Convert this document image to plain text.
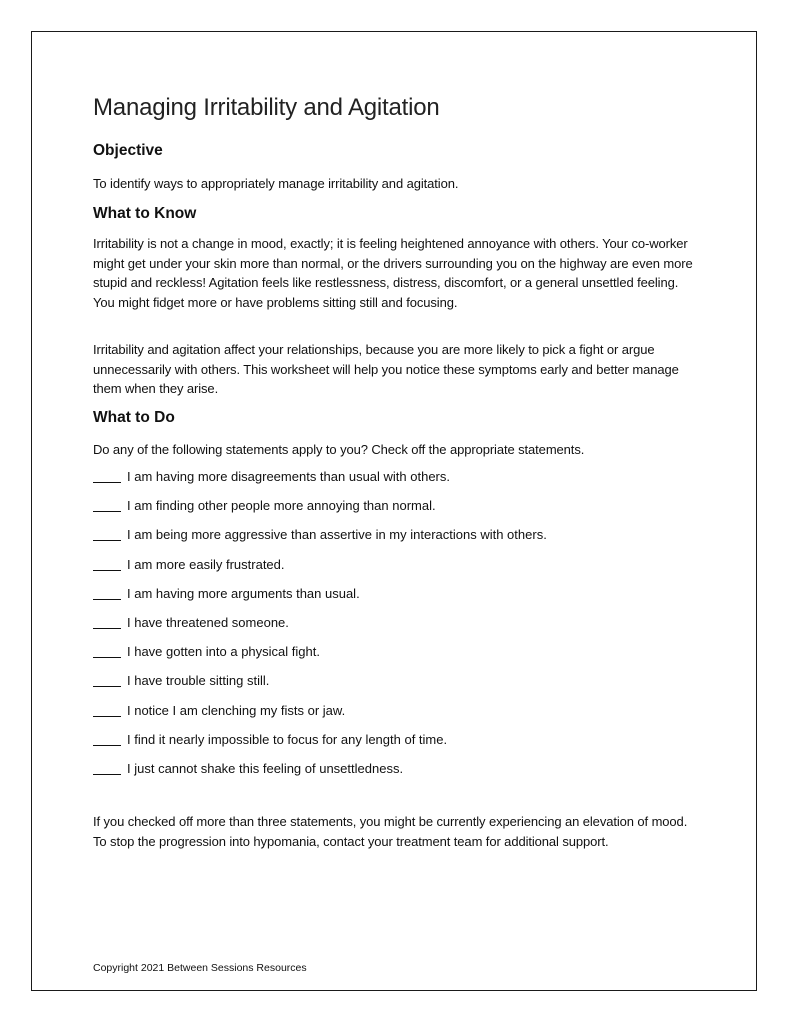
Managing Irritability and Agitation
Objective

To identify ways to appropriately manage irritability and agitation.

What to Know

Irritability is not a change in mood, exactly; it is feeling heightened annoyance with others. Your co-worker might get under your skin more than normal, or the drivers surrounding you on the highway are even more stupid and reckless! Agitation feels like restlessness, distress, discomfort, or a general unsettled feeling. You might fidget more or have problems sitting still and focusing.

Irritability and agitation affect your relationships, because you are more likely to pick a fight or argue unnecessarily with others. This worksheet will help you notice these symptoms early and better manage them when they arise.

What to Do

Do any of the following statements apply to you? Check off the appropriate statements.

I am having more disagreements than usual with others.
I am finding other people more annoying than normal.
I am being more aggressive than assertive in my interactions with others.
I am more easily frustrated.
I am having more arguments than usual.
I have threatened someone.
I have gotten into a physical fight.
I have trouble sitting still.
I notice I am clenching my fists or jaw.
I find it nearly impossible to focus for any length of time.
I just cannot shake this feeling of unsettledness.

If you checked off more than three statements, you might be currently experiencing an elevation of mood. To stop the progression into hypomania, contact your treatment team for additional support.

Copyright 2021 Between Sessions Resources
